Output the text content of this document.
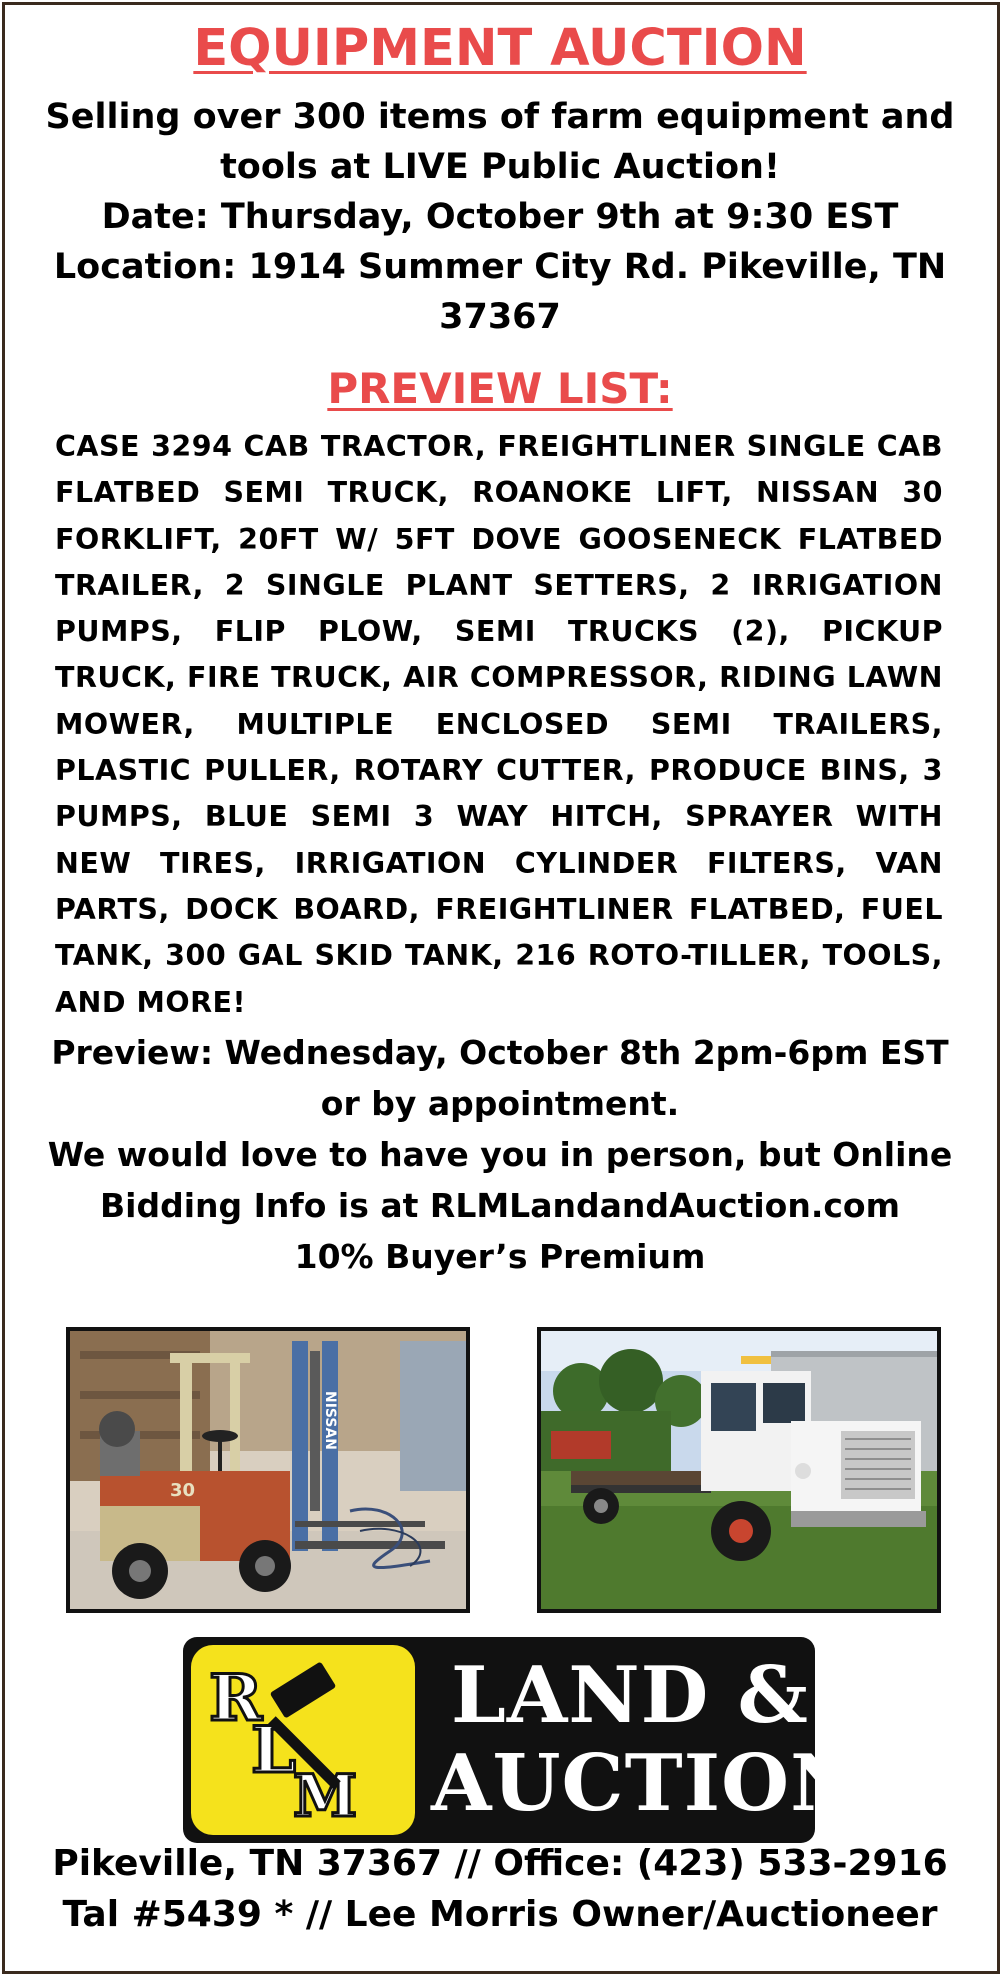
EQUIPMENT AUCTION
Selling over 300 items of farm equipment and
tools at LIVE Public Auction!
Date: Thursday, October 9th at 9:30 EST
Location: 1914 Summer City Rd. Pikeville, TN
37367
PREVIEW LIST:
CASE 3294 CAB TRACTOR, FREIGHTLINER SINGLE CAB FLATBED SEMI TRUCK, ROANOKE LIFT, NISSAN 30 FORKLIFT, 20FT W/ 5FT DOVE GOOSENECK FLATBED TRAILER, 2 SINGLE PLANT SETTERS, 2 IRRIGATION PUMPS, FLIP PLOW, SEMI TRUCKS (2), PICKUP TRUCK, FIRE TRUCK, AIR COMPRESSOR, RIDING LAWN MOWER, MULTIPLE ENCLOSED SEMI TRAILERS, PLASTIC PULLER, ROTARY CUTTER, PRODUCE BINS, 3 PUMPS, BLUE SEMI 3 WAY HITCH, SPRAYER WITH NEW TIRES, IRRIGATION CYLINDER FILTERS, VAN PARTS, DOCK BOARD, FREIGHTLINER FLATBED, FUEL TANK, 300 GAL SKID TANK, 216 ROTO-TILLER, TOOLS, AND MORE!
Preview: Wednesday, October 8th 2pm-6pm EST
or by appointment.
We would love to have you in person, but Online
Bidding Info is at RLMLandandAuction.com
10% Buyer’s Premium
NISSAN
30
R
L
M
LAND &
AUCTION
Pikeville, TN 37367 // Office: (423) 533-2916
Tal #5439 * // Lee Morris Owner/Auctioneer
